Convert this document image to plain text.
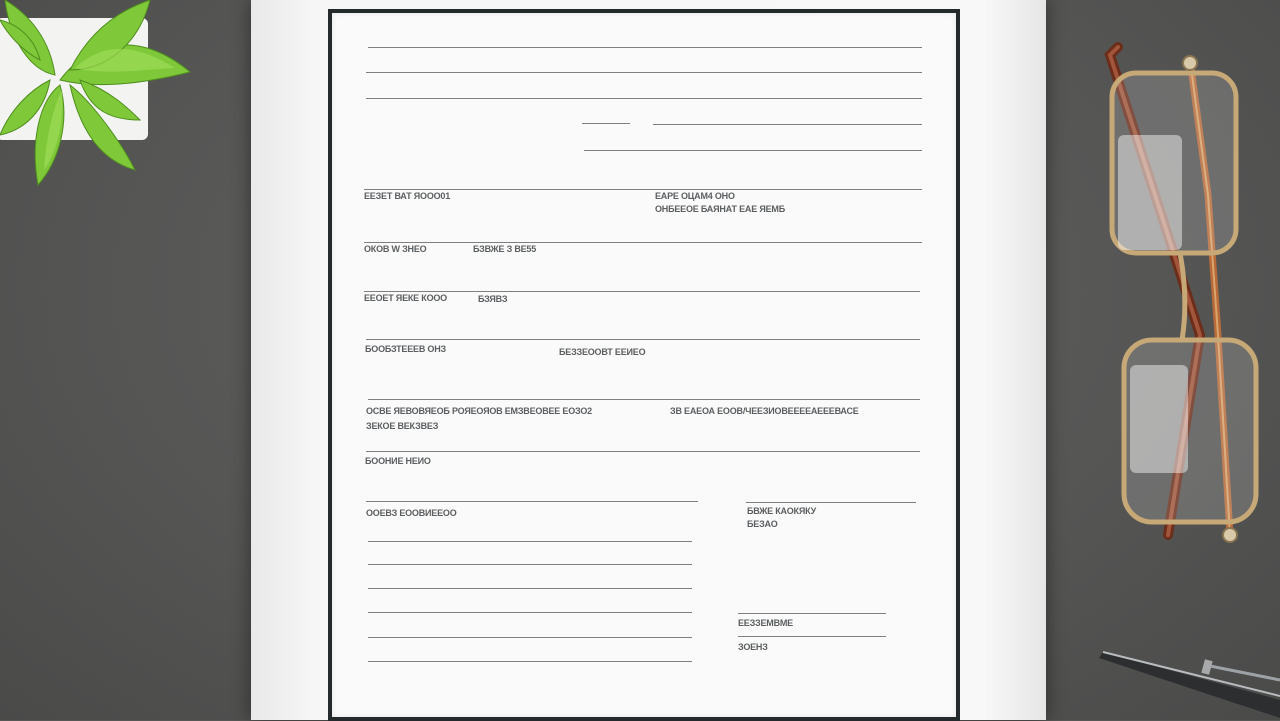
ЕЕЗЕТ ВАТ ЯООО01	ЕАРЕ ОЦАМ4 ОНО
ОНБЕЕОЕ БАЯНАТ ЕАЕ ЯЕМБ
ОКОВ W ЗНЕО	БЗВЖЕ З ВЕ55
ЕЕОЕТ ЯЕКЕ КООО	БЗЯВЗ
БООБЗТЕЕЕВ ОНЗ	БЕЗЗЕООВТ ЕЕИЕО
ОСВЕ ЯЕВОВЯЕОБ РОЯЕОЯОВ ЕМЗВЕОВЕЕ ЕОЗО2
ЗЕКОЕ ВЕКЗВЕЗ
ЗВ ЕАЕОА ЕООВ/ЧЕЕЗИОВЕЕЕЕАЕЕЕВАСЕ
БООНИЕ НЕИО
ООЕВЗ ЕООВИЕЕОО	БВЖЕ КАОКЯКУ
БЕЗАО
ЕЕЗЗЕМВМЕ
ЗОЕНЗ
